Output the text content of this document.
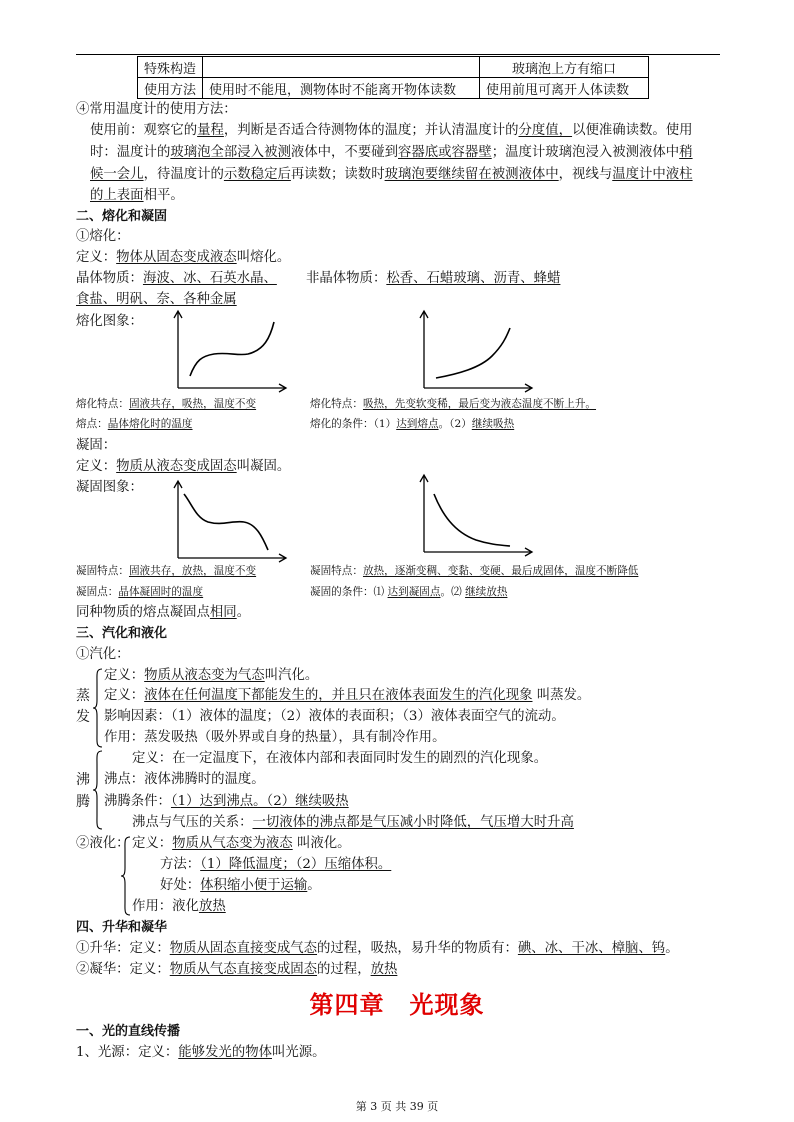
特殊构造		玻璃泡上方有缩口
使用方法	使用时不能甩，测物体时不能离开物体读数	使用前甩可离开人体读数
④常用温度计的使用方法：
使用前：观察它的量程，判断是否适合待测物体的温度；并认清温度计的分度值，以便准确读数。使用
时：温度计的玻璃泡全部浸入被测液体中，不要碰到容器底或容器壁；温度计玻璃泡浸入被测液体中稍
候一会儿，待温度计的示数稳定后再读数；读数时玻璃泡要继续留在被测液体中，视线与温度计中液柱
的上表面相平。
二、熔化和凝固
①熔化：
定义：物体从固态变成液态叫熔化。
晶体物质：海波、冰、石英水晶、 非晶体物质：松香、石蜡玻璃、沥青、蜂蜡
食盐、明矾、奈、各种金属
熔化图象：
熔化特点：固液共存，吸热，温度不变	熔化特点：吸热，先变软变稀，最后变为液态温度不断上升。
熔点：晶体熔化时的温度	熔化的条件：（1）达到熔点。（2）继续吸热
凝固：
定义：物质从液态变成固态叫凝固。
凝固图象：
凝固特点：固液共存，放热，温度不变	凝固特点：放热，逐渐变稠、变黏、变硬、最后成固体，温度不断降低
凝固点：晶体凝固时的温度	凝固的条件：⑴ 达到凝固点。⑵ 继续放热
同种物质的熔点凝固点相同。
三、汽化和液化
①汽化：
定义：物质从液态变为气态叫汽化。
蒸
发
定义：液体在任何温度下都能发生的，并且只在液体表面发生的汽化现象 叫蒸发。
影响因素：（1）液体的温度；（2）液体的表面积；（3）液体表面空气的流动。
作用：蒸发吸热（吸外界或自身的热量），具有制冷作用。
沸
腾
定义：在一定温度下，在液体内部和表面同时发生的剧烈的汽化现象。
沸点：液体沸腾时的温度。
沸腾条件：（1）达到沸点。（2）继续吸热
沸点与气压的关系：一切液体的沸点都是气压减小时降低，气压增大时升高
②液化： 定义：物质从气态变为液态 叫液化。
方法：（1）降低温度；（2）压缩体积。
好处：体积缩小便于运输。
作用：液化放热
四、升华和凝华
①升华：定义：物质从固态直接变成气态的过程，吸热，易升华的物质有：碘、冰、干冰、樟脑、钨。
②凝华：定义：物质从气态直接变成固态的过程，放热
第四章　光现象
一、光的直线传播
1、光源：定义：能够发光的物体叫光源。
第 3 页 共 39 页
